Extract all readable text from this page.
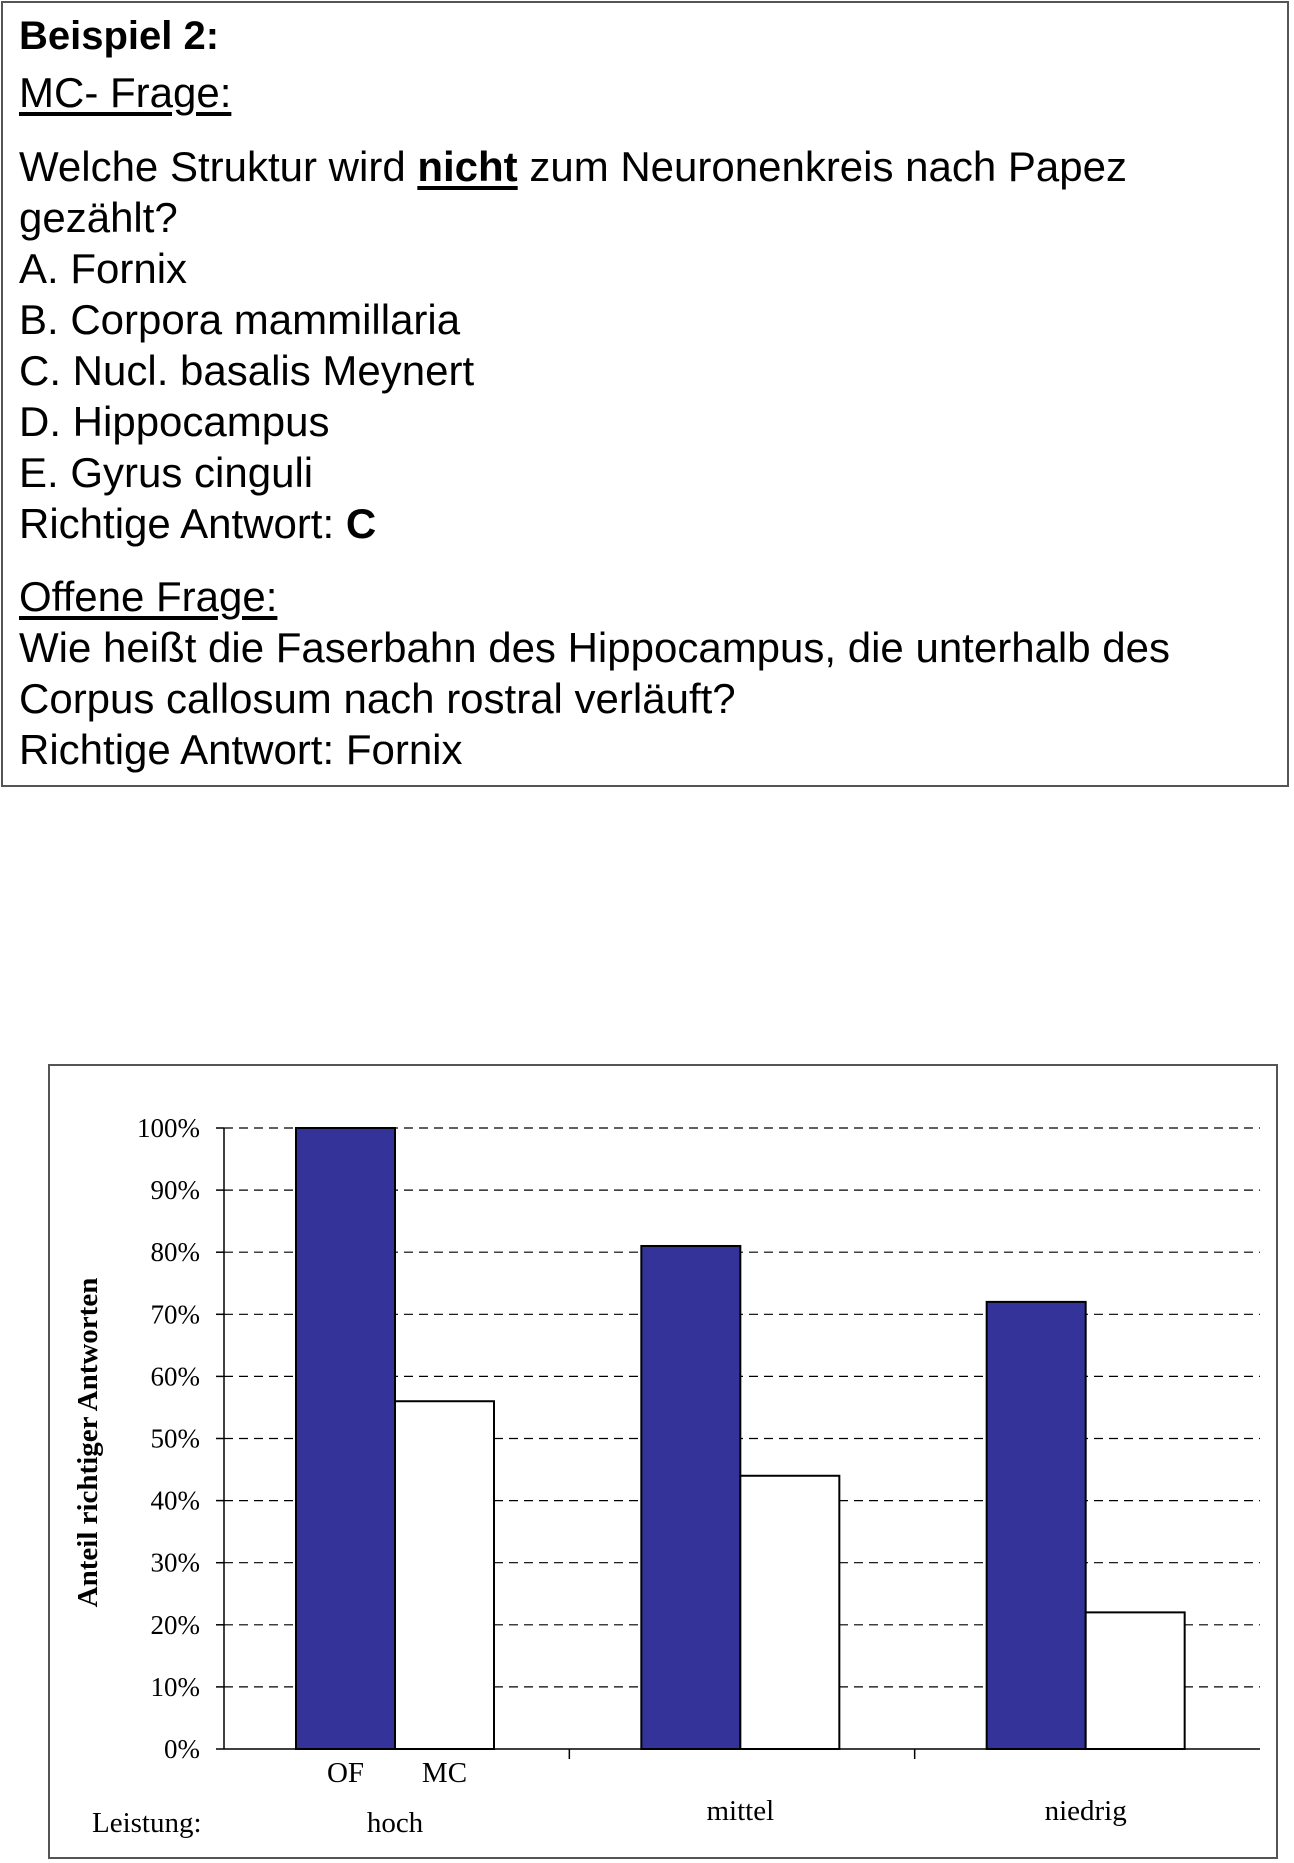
Beispiel 2:
MC- Frage:
Welche Struktur wird nicht zum Neuronenkreis nach Papez
gezählt?
A. Fornix
B. Corpora mammillaria
C. Nucl. basalis Meynert
D. Hippocampus
E. Gyrus cinguli
Richtige Antwort: C
Offene Frage:
Wie heißt die Faserbahn des Hippocampus, die unterhalb des
Corpus callosum nach rostral verläuft?
Richtige Antwort: Fornix
0%
10%
20%
30%
40%
50%
60%
70%
80%
90%
100%
hoch	mittel	niedrig
OF MC
Leistung:
Anteil richtiger Antworten
